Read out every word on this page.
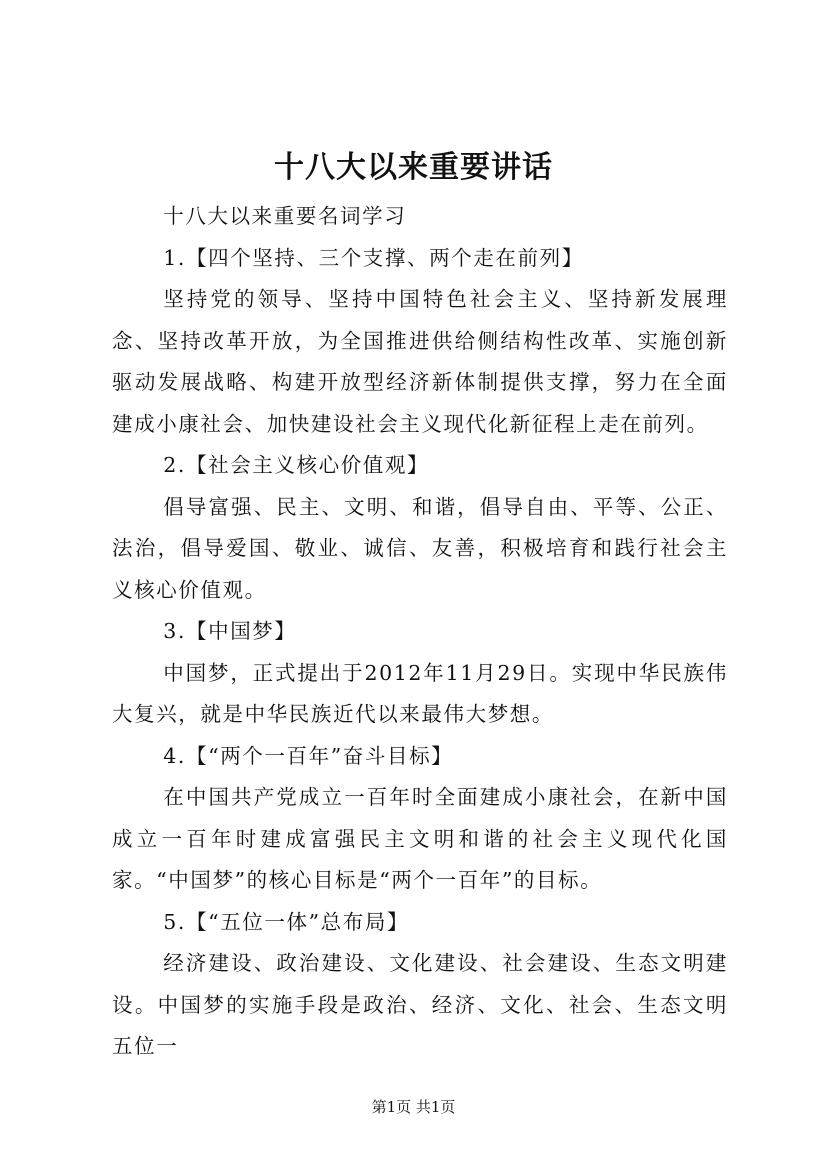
十八大以来重要讲话

十八大以来重要名词学习

1.【四个坚持、三个支撑、两个走在前列】

坚持党的领导、坚持中国特色社会主义、坚持新发展理念、坚持改革开放，为全国推进供给侧结构性改革、实施创新驱动发展战略、构建开放型经济新体制提供支撑，努力在全面建成小康社会、加快建设社会主义现代化新征程上走在前列。

2.【社会主义核心价值观】

倡导富强、民主、文明、和谐，倡导自由、平等、公正、法治，倡导爱国、敬业、诚信、友善，积极培育和践行社会主义核心价值观。

3.【中国梦】

中国梦，正式提出于2012年11月29日。实现中华民族伟大复兴，就是中华民族近代以来最伟大梦想。

4.【“两个一百年”奋斗目标】

在中国共产党成立一百年时全面建成小康社会，在新中国成立一百年时建成富强民主文明和谐的社会主义现代化国家。“中国梦”的核心目标是“两个一百年”的目标。

5.【“五位一体”总布局】

经济建设、政治建设、文化建设、社会建设、生态文明建设。中国梦的实施手段是政治、经济、文化、社会、生态文明五位一

第1页 共1页
